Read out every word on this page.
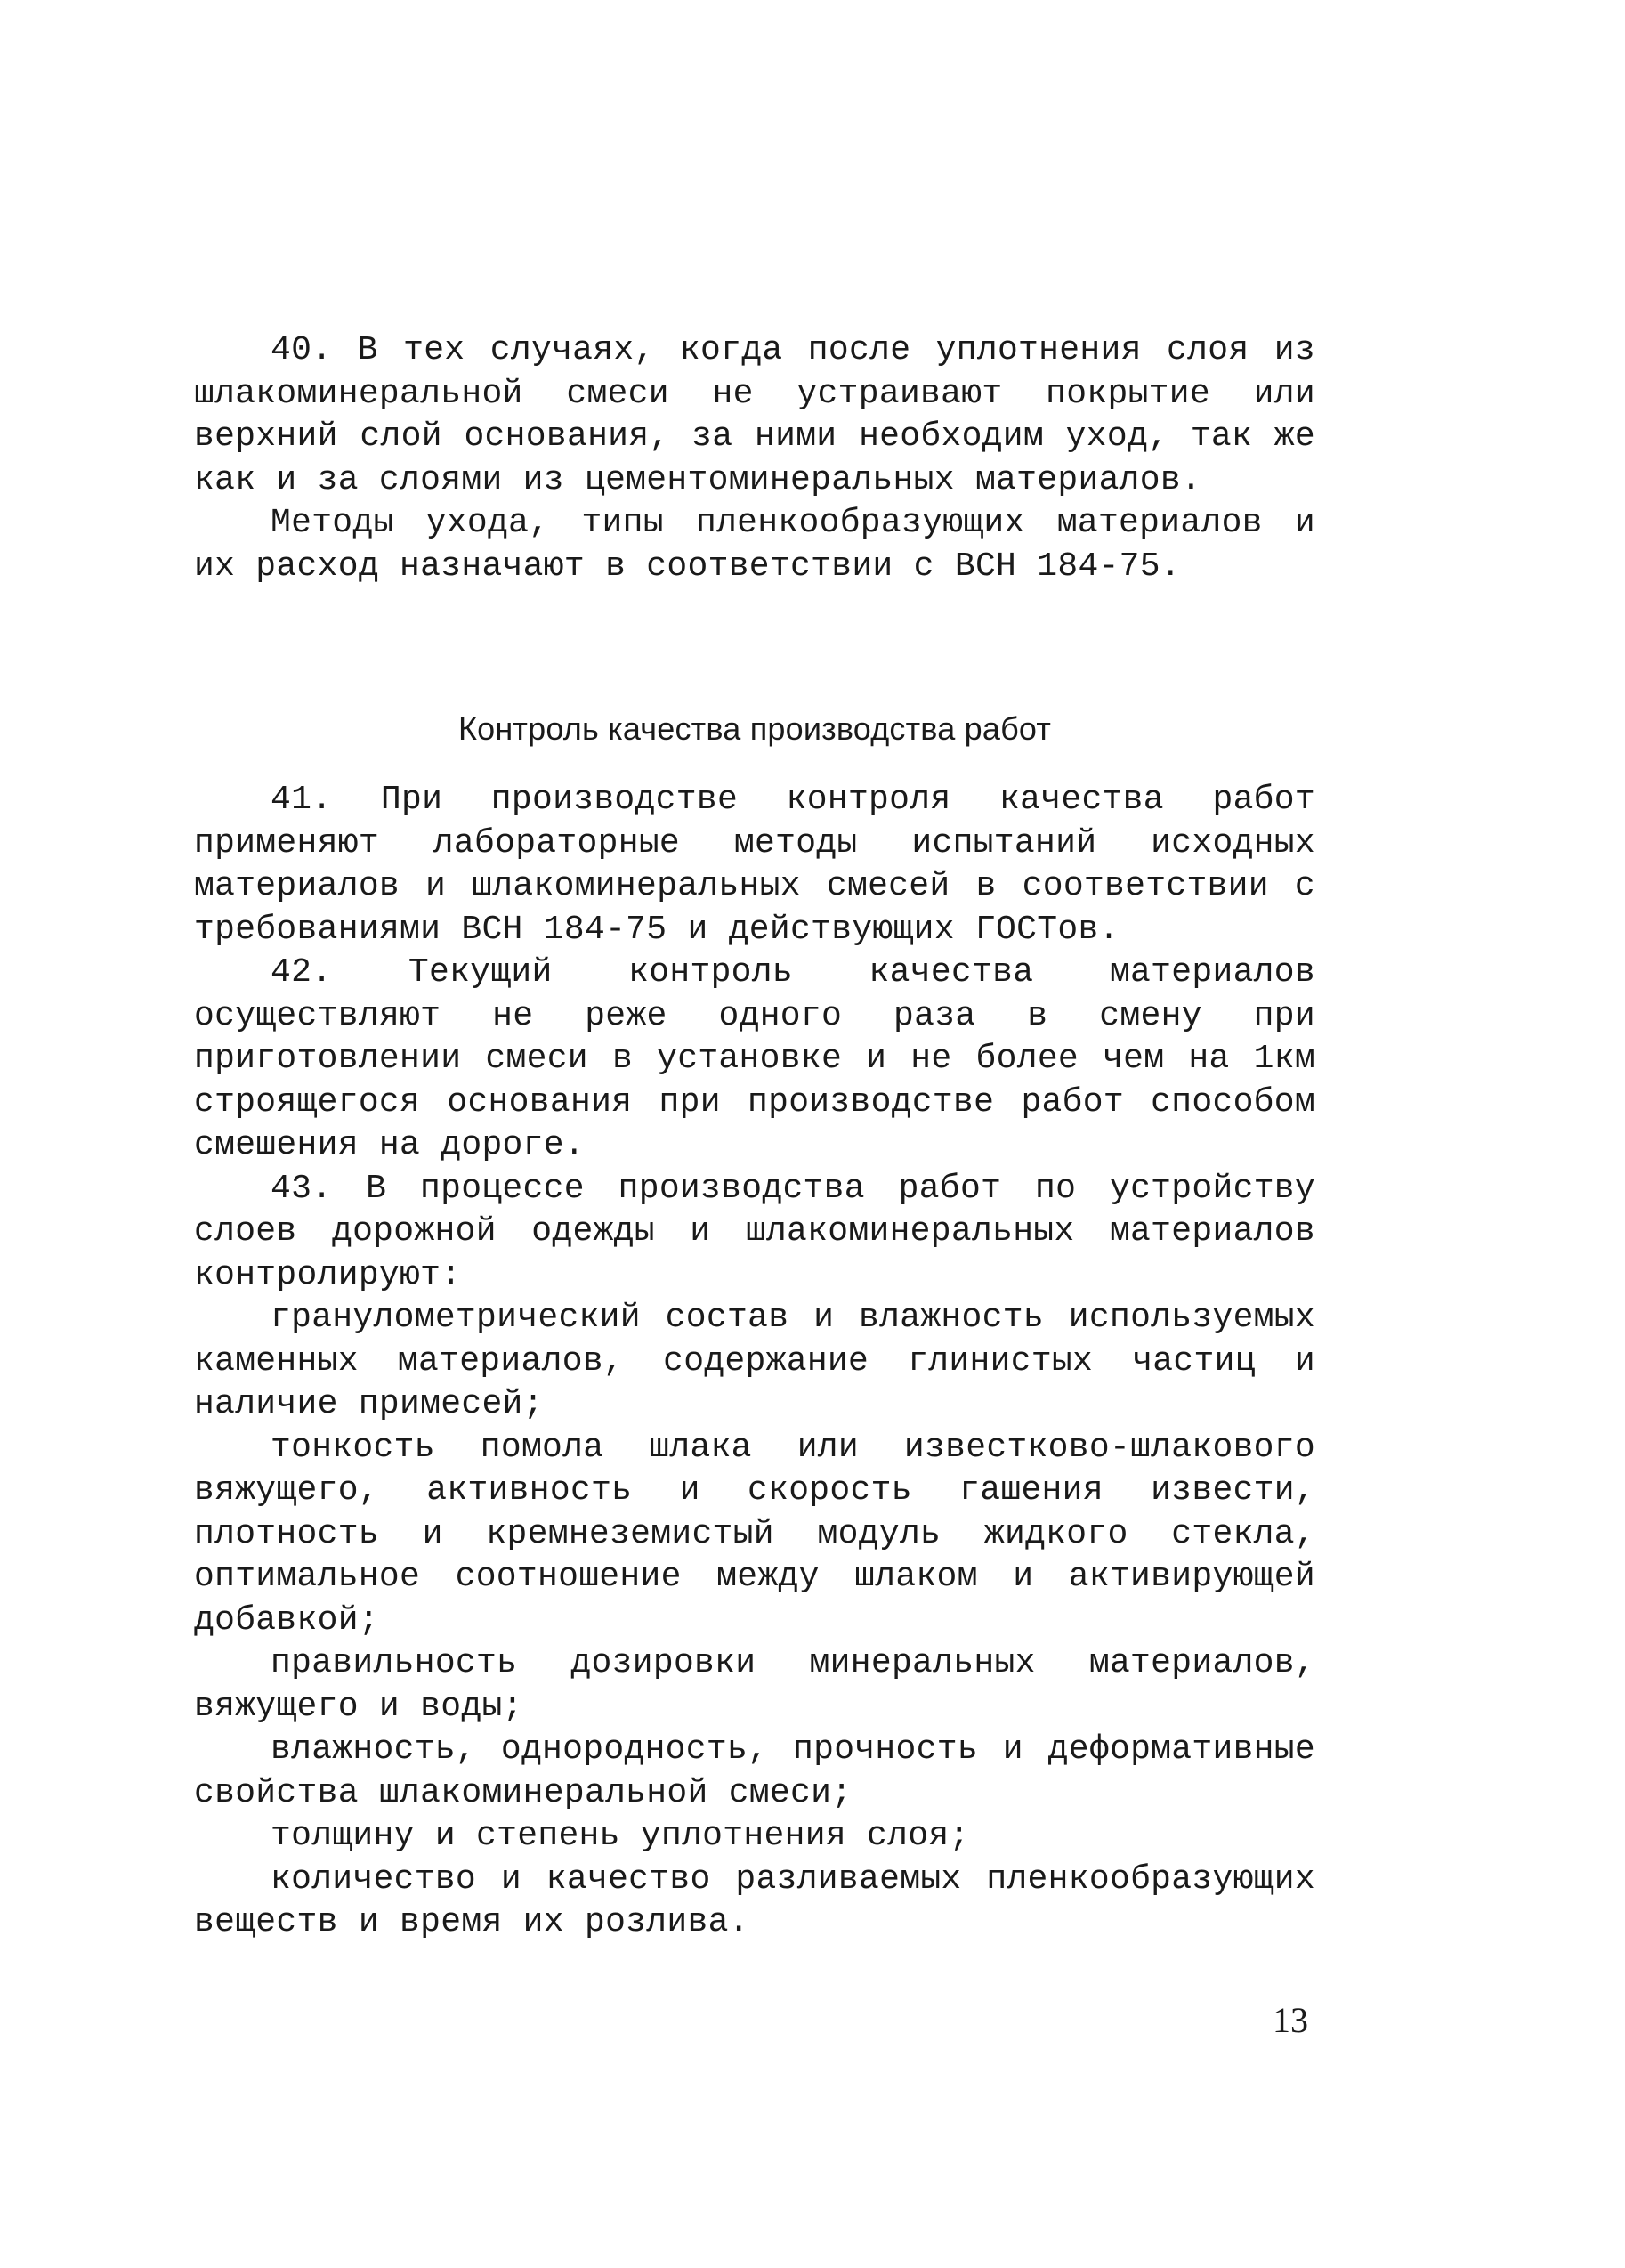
40. В тех случаях, когда после уплотнения слоя из шлакоминеральной смеси не устраивают покрытие или верхний слой основания, за ними необходим уход, так же как и за слоями из цементоминеральных материалов.

Методы ухода, типы пленкообразующих материалов и их расход назначают в соответствии с ВСН 184-75.

Контроль качества производства работ

41. При производстве контроля качества работ применяют лабораторные методы испытаний исходных материалов и шлакоминеральных смесей в соответствии с требованиями ВСН 184-75 и действующих ГОСТов.

42. Текущий контроль качества материалов осуществляют не реже одного раза в смену при приготовлении смеси в установке и не более чем на 1км строящегося основания при производстве работ способом смешения на дороге.

43. В процессе производства работ по устройству слоев дорожной одежды и шлакоминеральных материалов контролируют:

гранулометрический состав и влажность используемых каменных материалов, содержание глинистых частиц и наличие примесей;

тонкость помола шлака или известково-шлакового вяжущего, активность и скорость гашения извести, плотность и кремнеземистый модуль жидкого стекла, оптимальное соотношение между шлаком и активирующей добавкой;

правильность дозировки минеральных материалов, вяжущего и воды;

влажность, однородность, прочность и деформативные свойства шлакоминеральной смеси;

толщину и степень уплотнения слоя;

количество и качество разливаемых пленкообразующих веществ и время их розлива.

13
